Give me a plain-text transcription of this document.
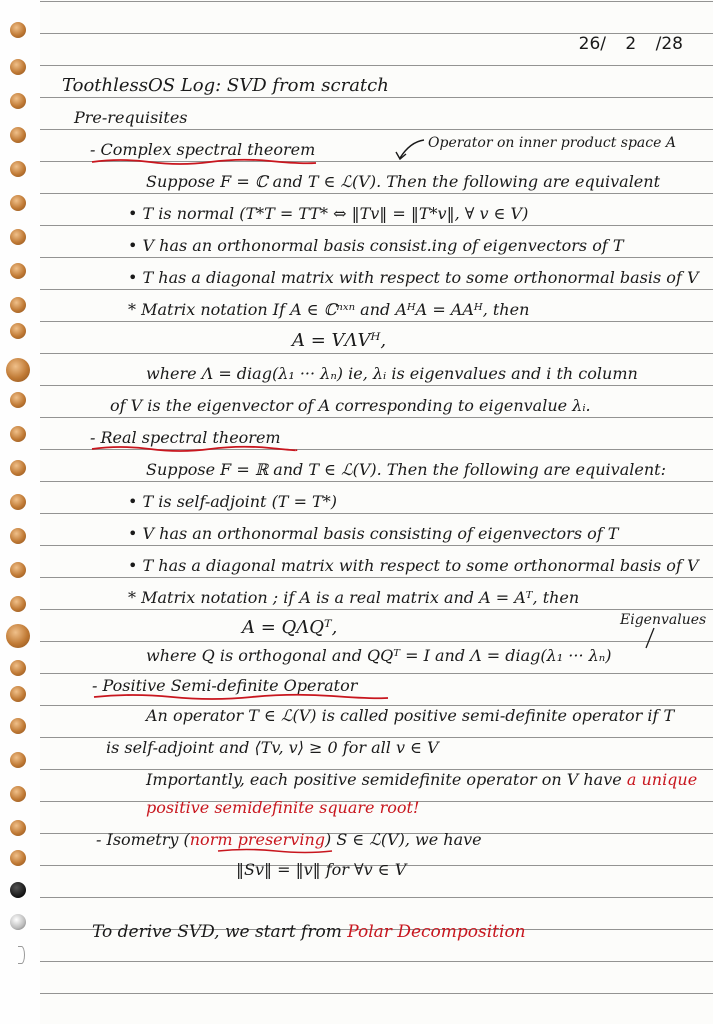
26/ 2 /28
ToothlessOS Log: SVD from scratch
Pre-requisites
- Complex spectral theorem	Operator on inner product space A
Suppose F = ℂ and T ∈ ℒ(V). Then the following are equivalent
• T is normal (T*T = TT* ⇔ ‖Tv‖ = ‖T*v‖, ∀ v ∈ V)
• V has an orthonormal basis consist.ing of eigenvectors of T
• T has a diagonal matrix with respect to some orthonormal basis of V
* Matrix notation If A ∈ ℂⁿˣⁿ and AᴴA = AAᴴ, then
A = VΛVᴴ,
where Λ = diag(λ₁ ··· λₙ) ie, λᵢ is eigenvalues and i th column
of V is the eigenvector of A corresponding to eigenvalue λᵢ.
- Real spectral theorem
Suppose F = ℝ and T ∈ ℒ(V). Then the following are equivalent:
• T is self-adjoint (T = T*)
• V has an orthonormal basis consisting of eigenvectors of T
• T has a diagonal matrix with respect to some orthonormal basis of V
* Matrix notation ; if A is a real matrix and A = Aᵀ, then
A = QΛQᵀ,	Eigenvalues
where Q is orthogonal and QQᵀ = I and Λ = diag(λ₁ ··· λₙ)
- Positive Semi-definite Operator
An operator T ∈ ℒ(V) is called positive semi-definite operator if T
is self-adjoint and ⟨Tv, v⟩ ≥ 0 for all v ∈ V
Importantly, each positive semidefinite operator on V have a unique
positive semidefinite square root!
- Isometry (norm preserving) S ∈ ℒ(V), we have
‖Sv‖ = ‖v‖ for ∀v ∈ V
To derive SVD, we start from Polar Decomposition
